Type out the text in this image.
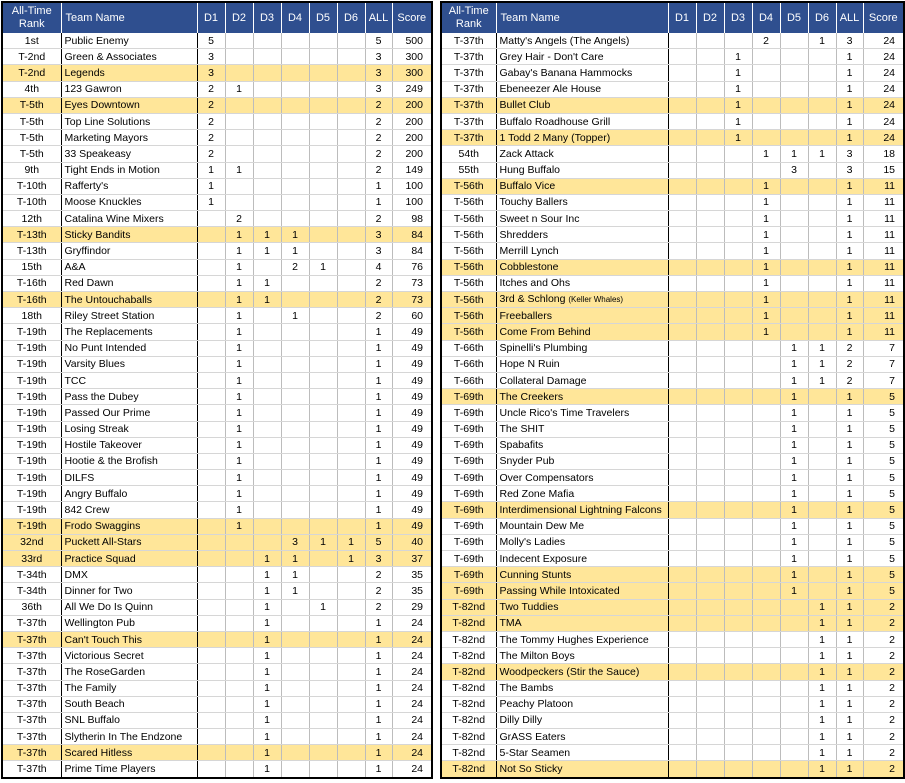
All-Time Rank	Team Name	D1	D2	D3	D4	D5	D6	ALL	Score
1st	Public Enemy	5						5	500
T-2nd	Green & Associates	3						3	300
T-2nd	Legends	3						3	300
4th	123 Gawron	2	1					3	249
T-5th	Eyes Downtown	2						2	200
T-5th	Top Line Solutions	2						2	200
T-5th	Marketing Mayors	2						2	200
T-5th	33 Speakeasy	2						2	200
9th	Tight Ends in Motion	1	1					2	149
T-10th	Rafferty's	1						1	100
T-10th	Moose Knuckles	1						1	100
12th	Catalina Wine Mixers		2					2	98
T-13th	Sticky Bandits		1	1	1			3	84
T-13th	Gryffindor		1	1	1			3	84
15th	A&A		1		2	1		4	76
T-16th	Red Dawn		1	1				2	73
T-16th	The Untouchaballs		1	1				2	73
18th	Riley Street Station		1		1			2	60
T-19th	The Replacements		1					1	49
T-19th	No Punt Intended		1					1	49
T-19th	Varsity Blues		1					1	49
T-19th	TCC		1					1	49
T-19th	Pass the Dubey		1					1	49
T-19th	Passed Our Prime		1					1	49
T-19th	Losing Streak		1					1	49
T-19th	Hostile Takeover		1					1	49
T-19th	Hootie & the Brofish		1					1	49
T-19th	DILFS		1					1	49
T-19th	Angry Buffalo		1					1	49
T-19th	842 Crew		1					1	49
T-19th	Frodo Swaggins		1					1	49
32nd	Puckett All-Stars				3	1	1	5	40
33rd	Practice Squad			1	1		1	3	37
T-34th	DMX			1	1			2	35
T-34th	Dinner for Two			1	1			2	35
36th	All We Do Is Quinn			1		1		2	29
T-37th	Wellington Pub			1				1	24
T-37th	Can't Touch This			1				1	24
T-37th	Victorious Secret			1				1	24
T-37th	The RoseGarden			1				1	24
T-37th	The Family			1				1	24
T-37th	South Beach			1				1	24
T-37th	SNL Buffalo			1				1	24
T-37th	Slytherin In The Endzone			1				1	24
T-37th	Scared Hitless			1				1	24
T-37th	Prime Time Players			1				1	24
All-Time Rank	Team Name	D1	D2	D3	D4	D5	D6	ALL	Score
T-37th	Matty's Angels (The Angels)				2		1	3	24
T-37th	Grey Hair - Don't Care			1				1	24
T-37th	Gabay's Banana Hammocks			1				1	24
T-37th	Ebeneezer Ale House			1				1	24
T-37th	Bullet Club			1				1	24
T-37th	Buffalo Roadhouse Grill			1				1	24
T-37th	1 Todd 2 Many (Topper)			1				1	24
54th	Zack Attack				1	1	1	3	18
55th	Hung Buffalo					3		3	15
T-56th	Buffalo Vice				1			1	11
T-56th	Touchy Ballers				1			1	11
T-56th	Sweet n Sour Inc				1			1	11
T-56th	Shredders				1			1	11
T-56th	Merrill Lynch				1			1	11
T-56th	Cobblestone				1			1	11
T-56th	Itches and Ohs				1			1	11
T-56th	3rd & Schlong (Keller Whales)				1			1	11
T-56th	Freeballers				1			1	11
T-56th	Come From Behind				1			1	11
T-66th	Spinelli's Plumbing					1	1	2	7
T-66th	Hope N Ruin					1	1	2	7
T-66th	Collateral Damage					1	1	2	7
T-69th	The Creekers					1		1	5
T-69th	Uncle Rico's Time Travelers					1		1	5
T-69th	The SHIT					1		1	5
T-69th	Spabafits					1		1	5
T-69th	Snyder Pub					1		1	5
T-69th	Over Compensators					1		1	5
T-69th	Red Zone Mafia					1		1	5
T-69th	Interdimensional Lightning Falcons					1		1	5
T-69th	Mountain Dew Me					1		1	5
T-69th	Molly's Ladies					1		1	5
T-69th	Indecent Exposure					1		1	5
T-69th	Cunning Stunts					1		1	5
T-69th	Passing While Intoxicated					1		1	5
T-82nd	Two Tuddies						1	1	2
T-82nd	TMA						1	1	2
T-82nd	The Tommy Hughes Experience						1	1	2
T-82nd	The Milton Boys						1	1	2
T-82nd	Woodpeckers (Stir the Sauce)						1	1	2
T-82nd	The Bambs						1	1	2
T-82nd	Peachy Platoon						1	1	2
T-82nd	Dilly Dilly						1	1	2
T-82nd	GrASS Eaters						1	1	2
T-82nd	5-Star Seamen						1	1	2
T-82nd	Not So Sticky						1	1	2
